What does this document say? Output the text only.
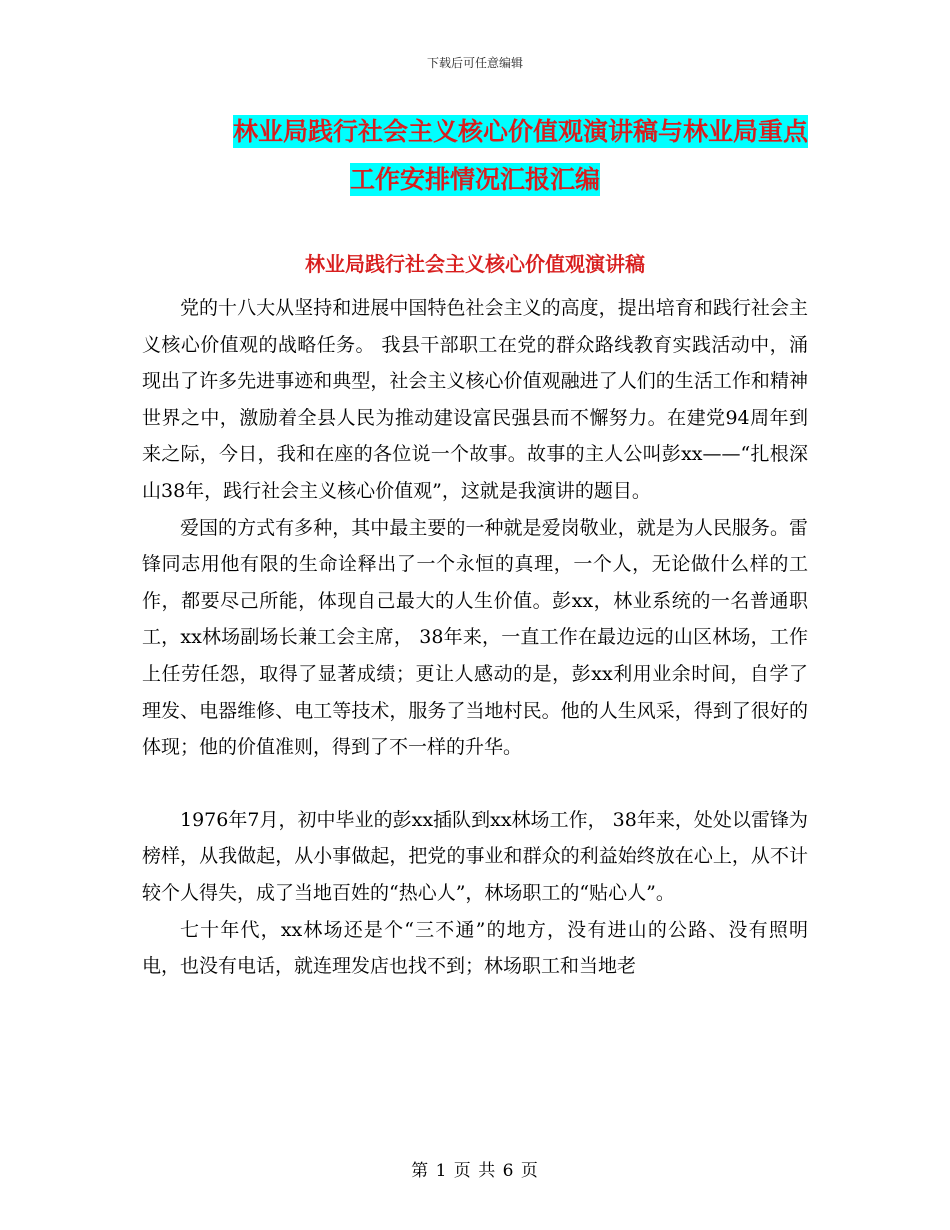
下载后可任意编辑
林业局践行社会主义核心价值观演讲稿与林业局重点
工作安排情况汇报汇编
林业局践行社会主义核心价值观演讲稿

党的十八大从坚持和进展中国特色社会主义的高度，提出培育和践行社会主义核心价值观的战略任务。 我县干部职工在党的群众路线教育实践活动中，涌现出了许多先进事迹和典型，社会主义核心价值观融进了人们的生活工作和精神世界之中，激励着全县人民为推动建设富民强县而不懈努力。在建党94周年到来之际，今日，我和在座的各位说一个故事。故事的主人公叫彭xx——“扎根深山38年，践行社会主义核心价值观”，这就是我演讲的题目。

爱国的方式有多种，其中最主要的一种就是爱岗敬业，就是为人民服务。雷锋同志用他有限的生命诠释出了一个永恒的真理，一个人，无论做什么样的工作，都要尽己所能，体现自己最大的人生价值。彭xx，林业系统的一名普通职工，xx林场副场长兼工会主席， 38年来，一直工作在最边远的山区林场，工作上任劳任怨，取得了显著成绩；更让人感动的是，彭xx利用业余时间，自学了理发、电器维修、电工等技术，服务了当地村民。他的人生风采，得到了很好的体现；他的价值准则，得到了不一样的升华。

1976年7月，初中毕业的彭xx插队到xx林场工作， 38年来，处处以雷锋为榜样，从我做起，从小事做起，把党的事业和群众的利益始终放在心上，从不计较个人得失，成了当地百姓的“热心人”，林场职工的“贴心人”。

七十年代，xx林场还是个“三不通”的地方，没有进山的公路、没有照明电，也没有电话，就连理发店也找不到；林场职工和当地老

第 1 页 共 6 页
